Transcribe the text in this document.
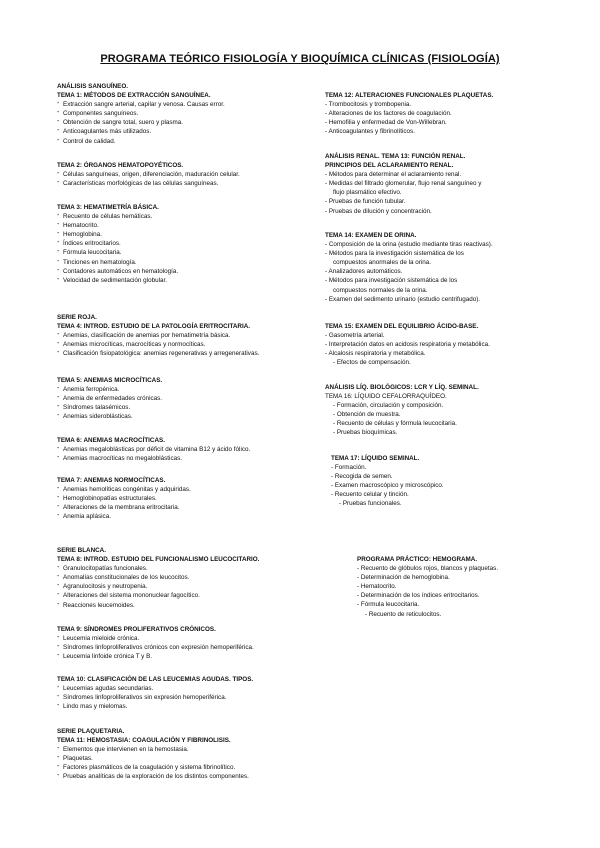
PROGRAMA TEÓRICO FISIOLOGÍA Y BIOQUÍMICA CLÍNICAS (FISIOLOGÍA)
ANÁLISIS SANGUÍNEO.
TEMA 1: MÉTODOS DE EXTRACCIÓN SANGUÍNEA.
- Extracción sangre arterial, capilar y venosa. Causas error.
- Componentes sanguíneos.
- Obtención de sangre total, suero y plasma.
- Anticoagulantes más utilizados.
- Control de calidad.
TEMA 2: ÓRGANOS HEMATOPOYÉTICOS.
- Células sanguíneas, origen, diferenciación, maduración celular.
- Características morfológicas de las células sanguíneas.
TEMA 3: HEMATIMETRÍA BÁSICA.
- Recuento de células hemáticas.
- Hematocrito.
- Hemoglobina.
- Índices eritrocitarios.
- Fórmula leucocitaria.
- Tinciones en hematología.
- Contadores automáticos en hematología.
- Velocidad de sedimentación globular.
SERIE ROJA.
TEMA 4: INTROD. ESTUDIO DE LA PATOLOGÍA ERITROCITARIA.
- Anemias, clasificación de anemias por hematimetría básica.
- Anemias microcíticas, macrocíticas y normocíticas.
- Clasificación fisiopatológica: anemias regenerativas y arregenerativas.
TEMA 5: ANEMIAS MICROCÍTICAS.
- Anemia ferropénica.
- Anemia de enfermedades crónicas.
- Síndromes talasémicos.
- Anemias sideroblásticas.
TEMA 6: ANEMIAS MACROCÍTICAS.
- Anemias megaloblásticas por déficit de vitamina B12 y ácido fólico.
- Anemias macrocíticas no megaloblásticas.
TEMA 7: ANEMIAS NORMOCÍTICAS.
- Anemias hemolíticas congénitas y adquiridas.
- Hemoglobinopatías estructurales.
- Alteraciones de la membrana eritrocitaria.
- Anemia aplásica.
SERIE BLANCA.
TEMA 8: INTROD. ESTUDIO DEL FUNCIONALISMO LEUCOCITARIO.
- Granulocitopatías funcionales.
- Anomalías constitucionales de los leucocitos.
- Agranulocitosis y neutropenia.
- Alteraciones del sistema mononuclear fagocítico.
- Reacciones leucemoides.
TEMA 9: SÍNDROMES PROLIFERATIVOS CRÓNICOS.
- Leucemia mieloide crónica.
- Síndromes linfoproliferativos crónicos con expresión hemoperiférica.
- Leucemia linfoide crónica T y B.
TEMA 10: CLASIFICACIÓN DE LAS LEUCEMIAS AGUDAS. TIPOS.
- Leucemias agudas secundarias.
- Síndromes linfoproliferativos sin expresión hemoperiférica.
- Lindo mas y mielomas.
SERIE PLAQUETARIA.
TEMA 11: HEMOSTASIA: COAGULACIÓN Y FIBRINOLISIS.
- Elementos que intervienen en la hemostasia.
- Plaquetas.
- Factores plasmáticos de la coagulación y sistema fibrinolítico.
- Pruebas analíticas de la exploración de los distintos componentes.
TEMA 12: ALTERACIONES FUNCIONALES PLAQUETAS.
- Trombocitosis y trombopenia.
- Alteraciones de los factores de coagulación.
- Hemofilia y enfermedad de Von-Willebran.
- Anticoagulantes y fibrinolíticos.
ANÁLISIS RENAL. TEMA 13: FUNCIÓN RENAL.
PRINCIPIOS DEL ACLARAMIENTO RENAL.
- Métodos para determinar el aclaramiento renal.
- Medidas del filtrado glomerular, flujo renal sanguíneo y
flujo plasmático efectivo.
- Pruebas de función tubular.
- Pruebas de dilución y concentración.
TEMA 14: EXAMEN DE ORINA.
- Composición de la orina (estudio mediante tiras reactivas).
- Métodos para la investigación sistemática de los
compuestos anormales de la orina.
- Analizadores automáticos.
- Métodos para investigación sistemática de los
compuestos normales de la orina.
- Examen del sedimento urinario (estudio centrifugado).
TEMA 15: EXAMEN DEL EQUILIBRIO ÁCIDO-BASE.
- Gasometría arterial.
- Interpretación datos en acidosis respiratoria y metabólica.
- Alcalosis respiratoria y metabólica.
- Efectos de compensación.
ANÁLISIS LÍQ. BIOLÓGICOS: LCR Y LÍQ. SEMINAL.
TEMA 16: LÍQUIDO CEFALORRAQUÍDEO.
- Formación, circulación y composición.
- Obtención de muestra.
- Recuento de células y fórmula leucocitaria.
- Pruebas bioquímicas.
TEMA 17: LÍQUIDO SEMINAL.
- Formación.
- Recogida de semen.
- Examen macroscópico y microscópico.
- Recuento celular y tinción.
- Pruebas funcionales.
PROGRAMA PRÁCTICO: HEMOGRAMA.
- Recuento de glóbulos rojos, blancos y plaquetas.
- Determinación de hemoglobina.
- Hematocrito.
- Determinación de los índices eritrocitarios.
- Fórmula leucocitaria.
- Recuento de reticulocitos.
